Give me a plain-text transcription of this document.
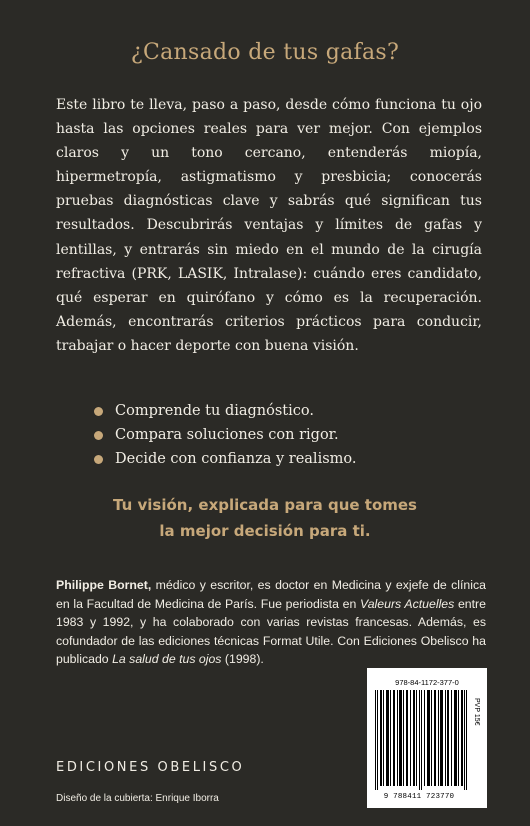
¿Cansado de tus gafas?
Este libro te lleva, paso a paso, desde cómo funciona tu ojo hasta las opciones reales para ver mejor. Con ejemplos claros y un tono cercano, entenderás miopía, hipermetropía, astigmatismo y presbicia; conocerás pruebas diagnósticas clave y sabrás qué significan tus resultados. Descubrirás ventajas y límites de gafas y lentillas, y entrarás sin miedo en el mundo de la cirugía refractiva (PRK, LASIK, Intralase): cuándo eres candidato, qué esperar en quirófano y cómo es la recuperación. Además, encontrarás criterios prácticos para conducir, trabajar o hacer deporte con buena visión.
Comprende tu diagnóstico.
Compara soluciones con rigor.
Decide con confianza y realismo.
Tu visión, explicada para que tomes
la mejor decisión para ti.
Philippe Bornet, médico y escritor, es doctor en Medicina y exjefe de clínica en la Facultad de Medicina de París. Fue periodista en Valeurs Actuelles entre 1983 y 1992, y ha colaborado con varias revistas francesas. Además, es cofundador de las ediciones técnicas Format Utile. Con Ediciones Obelisco ha publicado La salud de tus ojos (1998).
EDICIONES OBELISCO
Diseño de la cubierta: Enrique Iborra
978-84-1172-377-0
9 788411 723770
PVP 15€
